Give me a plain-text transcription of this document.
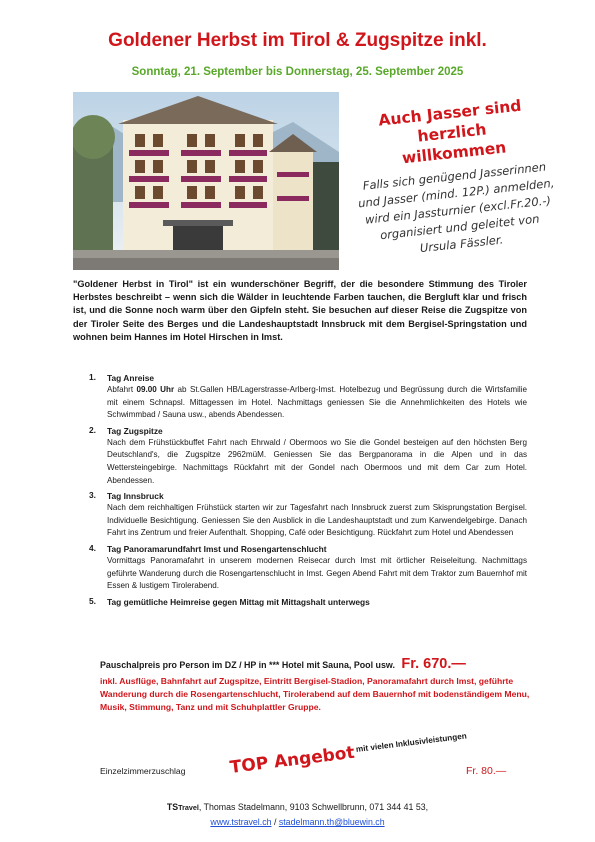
Goldener Herbst im Tirol & Zugspitze inkl.
Sonntag, 21. September bis Donnerstag, 25. September 2025
Auch Jasser sind herzlich
willkommen
Falls sich genügend Jasserinnen und Jasser (mind. 12P.) anmelden, wird ein Jassturnier (excl.Fr.20.-) organisiert und geleitet von Ursula Fässler.
"Goldener Herbst in Tirol" ist ein wunderschöner Begriff, der die besondere Stimmung des Tiroler Herbstes beschreibt – wenn sich die Wälder in leuchtende Farben tauchen, die Bergluft klar und frisch ist, und die Sonne noch warm über den Gipfeln steht. Sie besuchen auf dieser Reise die Zugspitze von der Tiroler Seite des Berges und die Landeshauptstadt Innsbruck mit dem Bergisel-Springstation und wohnen beim Hannes im Hotel Hirschen in Imst.
1. Tag Anreise
Abfahrt 09.00 Uhr ab St.Gallen HB/Lagerstrasse-Arlberg-Imst. Hotelbezug und Begrüssung durch die Wirtsfamilie mit einem Schnapsl. Mittagessen im Hotel. Nachmittags geniessen Sie die Annehmlichkeiten des Hotels wie Schwimmbad / Sauna usw., abends Abendessen.
2. Tag Zugspitze
Nach dem Frühstückbuffet Fahrt nach Ehrwald / Obermoos wo Sie die Gondel besteigen auf den höchsten Berg Deutschland's, die Zugspitze 2962müM. Geniessen Sie das Bergpanorama in die Alpen und in das Wettersteingebirge. Nachmittags Rückfahrt mit der Gondel nach Obermoos und mit dem Car zum Hotel. Abendessen.
3. Tag Innsbruck
Nach dem reichhaltigen Frühstück starten wir zur Tagesfahrt nach Innsbruck zuerst zum Skisprungstation Bergisel. Individuelle Besichtigung. Geniessen Sie den Ausblick in die Landeshauptstadt und zum Karwendelgebirge. Danach Fahrt ins Zentrum und freier Aufenthalt. Shopping, Café oder Besichtigung. Rückfahrt zum Hotel und Abendessen
4. Tag Panoramarundfahrt Imst und Rosengartenschlucht
Vormittags Panoramafahrt in unserem modernen Reisecar durch Imst mit örtlicher Reiseleitung. Nachmittags geführte Wanderung durch die Rosengartenschlucht in Imst. Gegen Abend Fahrt mit dem Traktor zum Bauernhof mit Essen & lustigem Tirolerabend.
5. Tag gemütliche Heimreise gegen Mittag mit Mittagshalt unterwegs
Pauschalpreis pro Person im DZ / HP in *** Hotel mit Sauna, Pool usw. Fr. 670.—
inkl. Ausflüge, Bahnfahrt auf Zugspitze, Eintritt Bergisel-Stadion, Panoramafahrt durch Imst, geführte Wanderung durch die Rosengartenschlucht, Tirolerabend auf dem Bauernhof mit bodenständigem Menu, Musik, Stimmung, Tanz und mit Schuhplattler Gruppe.
Einzelzimmerzuschlag	TOP Angebot
mit vielen Inklusivleistungen
Fr. 80.—
TSTravel, Thomas Stadelmann, 9103 Schwellbrunn, 071 344 41 53,
www.tstravel.ch / stadelmann.th@bluewin.ch
